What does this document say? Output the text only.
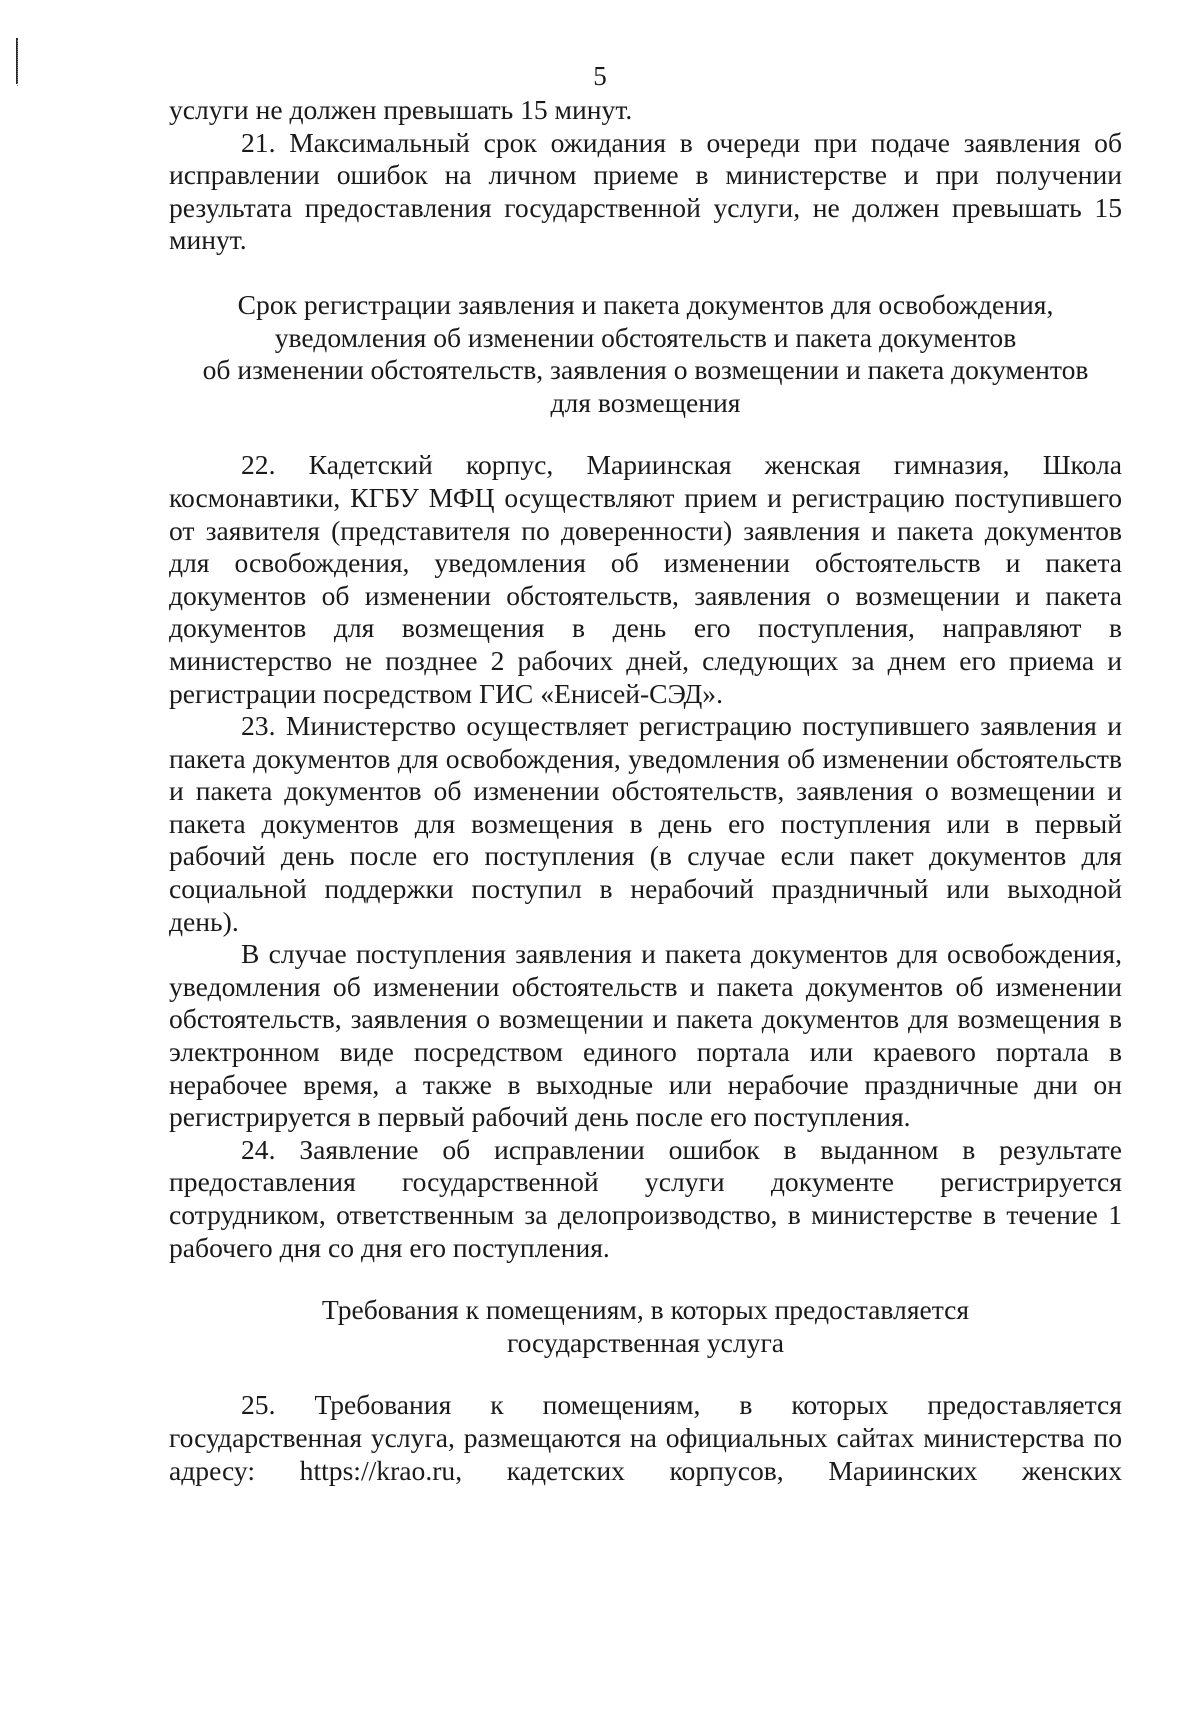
5

услуги не должен превышать 15 минут.

21. Максимальный срок ожидания в очереди при подаче заявления об исправлении ошибок на личном приеме в министерстве и при получении результата предоставления государственной услуги, не должен превышать 15 минут.

Срок регистрации заявления и пакета документов для освобождения,

уведомления об изменении обстоятельств и пакета документов

об изменении обстоятельств, заявления о возмещении и пакета документов

для возмещения

22. Кадетский корпус, Мариинская женская гимназия, Школа космонавтики, КГБУ МФЦ осуществляют прием и регистрацию поступившего от заявителя (представителя по доверенности) заявления и пакета документов для освобождения, уведомления об изменении обстоятельств и пакета документов об изменении обстоятельств, заявления о возмещении и пакета документов для возмещения в день его поступления, направляют в министерство не позднее 2 рабочих дней, следующих за днем его приема и регистрации посредством ГИС «Енисей-СЭД».

23. Министерство осуществляет регистрацию поступившего заявления и пакета документов для освобождения, уведомления об изменении обстоятельств и пакета документов об изменении обстоятельств, заявления о возмещении и пакета документов для возмещения в день его поступления или в первый рабочий день после его поступления (в случае если пакет документов для социальной поддержки поступил в нерабочий праздничный или выходной день).

В случае поступления заявления и пакета документов для освобождения, уведомления об изменении обстоятельств и пакета документов об изменении обстоятельств, заявления о возмещении и пакета документов для возмещения в электронном виде посредством единого портала или краевого портала в нерабочее время, а также в выходные или нерабочие праздничные дни он регистрируется в первый рабочий день после его поступления.

24. Заявление об исправлении ошибок в выданном в результате предоставления государственной услуги документе регистрируется сотрудником, ответственным за делопроизводство, в министерстве в течение 1 рабочего дня со дня его поступления.

Требования к помещениям, в которых предоставляется

государственная услуга

25. Требования к помещениям, в которых предоставляется государственная услуга, размещаются на официальных сайтах министерства по адресу: https://krao.ru, кадетских корпусов, Мариинских женских
